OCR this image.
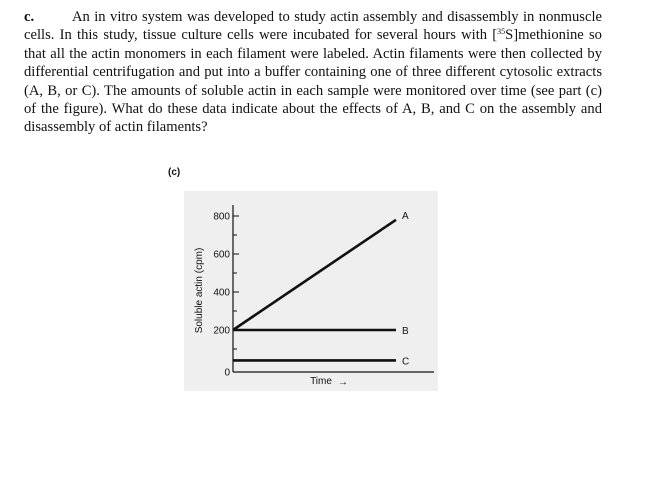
c.	An in vitro system was developed to study actin assembly and disassembly in nonmuscle cells. In this study, tissue culture cells were incubated for several hours with [$^{35}$S]methionine so that all the actin monomers in each filament were labeled. Actin filaments were then collected by differential centrifugation and put into a buffer containing one of three different cytosolic extracts (A, B, or C). The amounts of soluble actin in each sample were monitored over time (see part (c) of the figure). What do these data indicate about the effects of A, B, and C on the assembly and disassembly of actin filaments?

(c)
0
200
400
600
800
Soluble actin (cpm)
Time →
A
B
C
